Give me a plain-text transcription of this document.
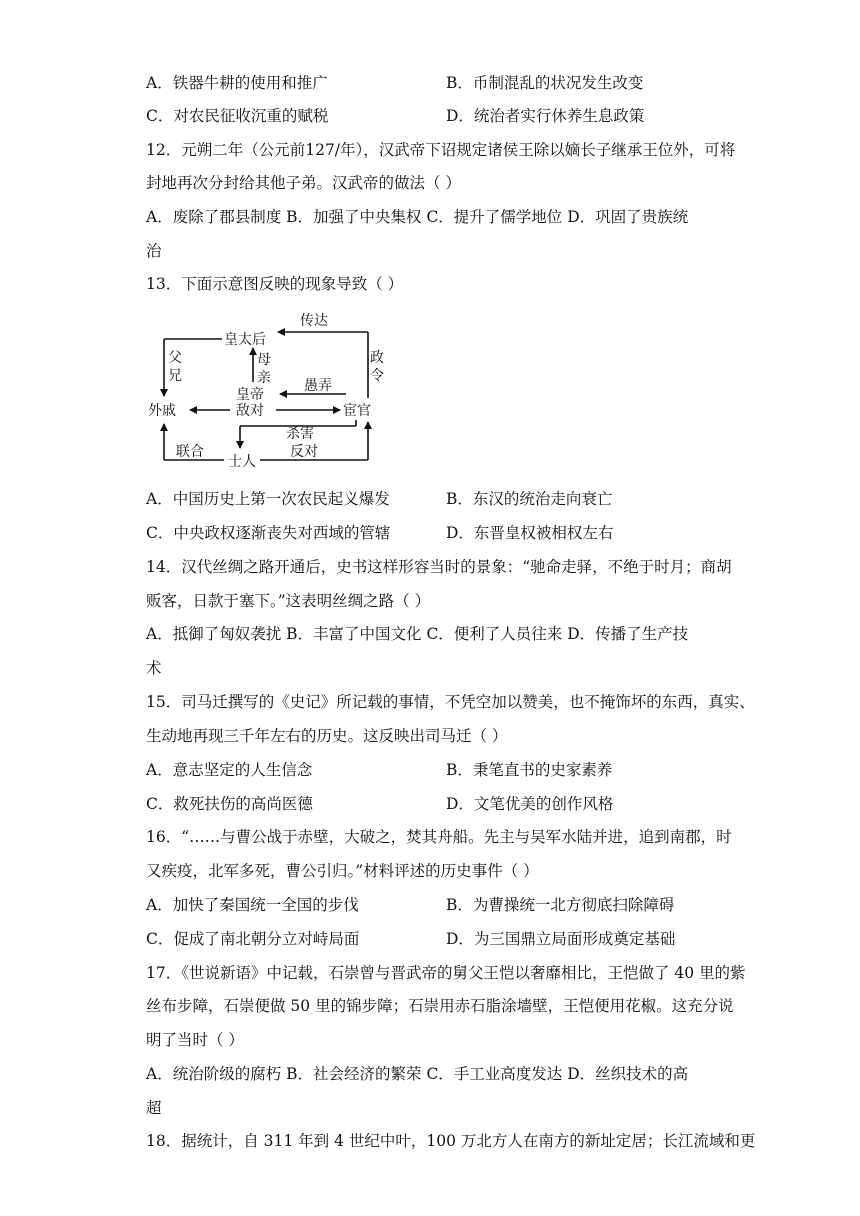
A．铁器牛耕的使用和推广	B．币制混乱的状况发生改变
C．对农民征收沉重的赋税	D．统治者实行休养生息政策
12．元朔二年（公元前127/年），汉武帝下诏规定诸侯王除以嫡长子继承王位外，可将
封地再次分封给其他子弟。汉武帝的做法（ ）
A．废除了郡县制度 B．加强了中央集权 C．提升了儒学地位 D．巩固了贵族统
治
13．下面示意图反映的现象导致（ ）
皇太后
传达
父
兄
母
亲
政
令
皇帝
愚弄
外戚	敌对	宦官
杀害
联合
士人
反对
A．中国历史上第一次农民起义爆发	B．东汉的统治走向衰亡
C．中央政权逐渐丧失对西域的管辖	D．东晋皇权被相权左右
14．汉代丝绸之路开通后，史书这样形容当时的景象：“驰命走驿，不绝于时月；商胡
贩客，日款于塞下。”这表明丝绸之路（ ）
A．抵御了匈奴袭扰 B．丰富了中国文化 C．便利了人员往来 D．传播了生产技
术
15．司马迁撰写的《史记》所记载的事情，不凭空加以赞美，也不掩饰坏的东西，真实、
生动地再现三千年左右的历史。这反映出司马迁（ ）
A．意志坚定的人生信念	B．秉笔直书的史家素养
C．救死扶伤的高尚医德	D．文笔优美的创作风格
16．“……与曹公战于赤壁，大破之，焚其舟船。先主与吴军水陆并进，追到南郡，时
又疾疫，北军多死，曹公引归。”材料评述的历史事件（ ）
A．加快了秦国统一全国的步伐	B．为曹操统一北方彻底扫除障碍
C．促成了南北朝分立对峙局面	D．为三国鼎立局面形成奠定基础
17．《世说新语》中记载，石崇曾与晋武帝的舅父王恺以奢靡相比，王恺做了 40 里的紫
丝布步障，石崇便做 50 里的锦步障；石崇用赤石脂涂墙壁，王恺便用花椒。这充分说
明了当时（ ）
A．统治阶级的腐朽 B．社会经济的繁荣 C．手工业高度发达 D．丝织技术的高
超
18．据统计，自 311 年到 4 世纪中叶，100 万北方人在南方的新址定居；长江流域和更
